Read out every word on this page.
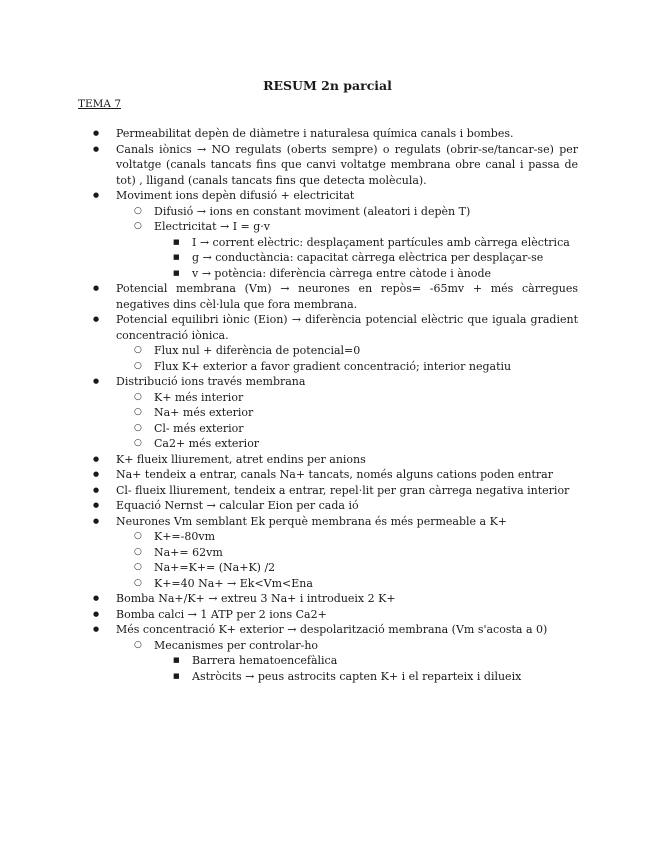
RESUM 2n parcial
TEMA 7
● Permeabilitat depèn de diàmetre i naturalesa química canals i bombes.
● Canals iònics → NO regulats (oberts sempre) o regulats (obrir-se/tancar-se) per voltatge (canals tancats fins que canvi voltatge membrana obre canal i passa de tot) , lligand (canals tancats fins que detecta molècula).
● Moviment ions depèn difusió + electricitat
○ Difusió → ions en constant moviment (aleatori i depèn T)
○ Electricitat → I = g·v
■ I → corrent elèctric: desplaçament partícules amb càrrega elèctrica
■ g → conductància: capacitat càrrega elèctrica per desplaçar-se
■ v → potència: diferència càrrega entre càtode i ànode
● Potencial membrana (Vm) → neurones en repòs= -65mv + més càrregues negatives dins cèl·lula que fora membrana.
● Potencial equilibri iònic (Eion) → diferència potencial elèctric que iguala gradient concentració iònica.
○ Flux nul + diferència de potencial=0
○ Flux K+ exterior a favor gradient concentració; interior negatiu
● Distribució ions través membrana
○ K+ més interior
○ Na+ més exterior
○ Cl- més exterior
○ Ca2+ més exterior
● K+ flueix lliurement, atret endins per anions
● Na+ tendeix a entrar, canals Na+ tancats, només alguns cations poden entrar
● Cl- flueix lliurement, tendeix a entrar, repel·lit per gran càrrega negativa interior
● Equació Nernst → calcular Eion per cada ió
● Neurones Vm semblant Ek perquè membrana és més permeable a K+
○ K+=-80vm
○ Na+= 62vm
○ Na+=K+= (Na+K) /2
○ K+=40 Na+ → Ek<Vm<Ena
● Bomba Na+/K+ → extreu 3 Na+ i introdueix 2 K+
● Bomba calci → 1 ATP per 2 ions Ca2+
● Més concentració K+ exterior → despolarització membrana (Vm s'acosta a 0)
○ Mecanismes per controlar-ho
■ Barrera hematoencefàlica
■ Astròcits → peus astrocits capten K+ i el reparteix i dilueix
